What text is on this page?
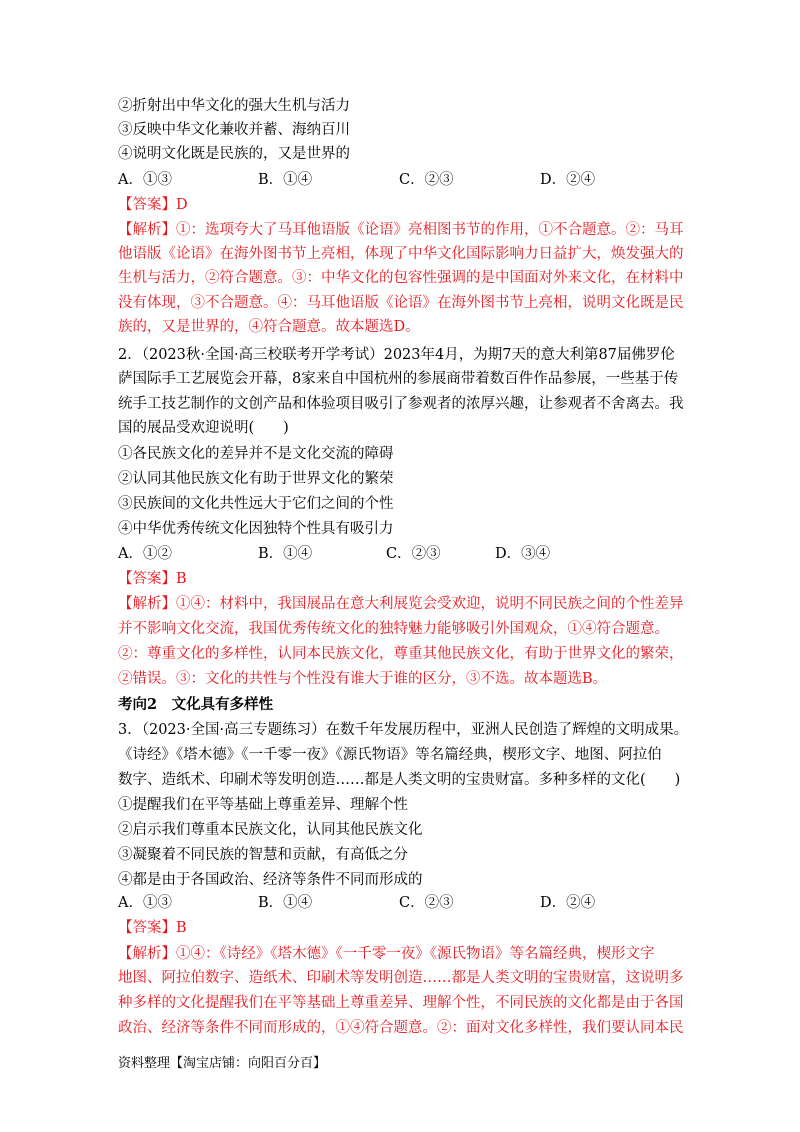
②折射出中华文化的强大生机与活力
③反映中华文化兼收并蓄、海纳百川
④说明文化既是民族的，又是世界的
A．①③	B．①④	C．②③	D．②④
【答案】D
【解析】①：选项夸大了马耳他语版《论语》亮相图书节的作用，①不合题意。②：马耳
他语版《论语》在海外图书节上亮相，体现了中华文化国际影响力日益扩大，焕发强大的
生机与活力，②符合题意。③：中华文化的包容性强调的是中国面对外来文化，在材料中
没有体现，③不合题意。④：马耳他语版《论语》在海外图书节上亮相，说明文化既是民
族的，又是世界的，④符合题意。故本题选D。
2．（2023秋·全国·高三校联考开学考试）2023年4月，为期7天的意大利第87届佛罗伦
萨国际手工艺展览会开幕，8家来自中国杭州的参展商带着数百件作品参展，一些基于传
统手工技艺制作的文创产品和体验项目吸引了参观者的浓厚兴趣，让参观者不舍离去。我
国的展品受欢迎说明(　　)
①各民族文化的差异并不是文化交流的障碍
②认同其他民族文化有助于世界文化的繁荣
③民族间的文化共性远大于它们之间的个性
④中华优秀传统文化因独特个性具有吸引力
A．①②	B．①④	C．②③	D．③④
【答案】B
【解析】①④：材料中，我国展品在意大利展览会受欢迎，说明不同民族之间的个性差异
并不影响文化交流，我国优秀传统文化的独特魅力能够吸引外国观众，①④符合题意。
②：尊重文化的多样性，认同本民族文化，尊重其他民族文化，有助于世界文化的繁荣，
②错误。③：文化的共性与个性没有谁大于谁的区分，③不选。故本题选B。
考向2　文化具有多样性
3．（2023·全国·高三专题练习）在数千年发展历程中，亚洲人民创造了辉煌的文明成果。
《诗经》《塔木德》《一千零一夜》《源氏物语》等名篇经典，楔形文字、地图、阿拉伯
数字、造纸术、印刷术等发明创造……都是人类文明的宝贵财富。多种多样的文化(　　)
①提醒我们在平等基础上尊重差异、理解个性
②启示我们尊重本民族文化，认同其他民族文化
③凝聚着不同民族的智慧和贡献，有高低之分
④都是由于各国政治、经济等条件不同而形成的
A．①③	B．①④	C．②③	D．②④
【答案】B
【解析】①④：《诗经》《塔木德》《一千零一夜》《源氏物语》等名篇经典，楔形文字
地图、阿拉伯数字、造纸术、印刷术等发明创造……都是人类文明的宝贵财富，这说明多
种多样的文化提醒我们在平等基础上尊重差异、理解个性，不同民族的文化都是由于各国
政治、经济等条件不同而形成的，①④符合题意。②：面对文化多样性，我们要认同本民
资料整理【淘宝店铺：向阳百分百】
